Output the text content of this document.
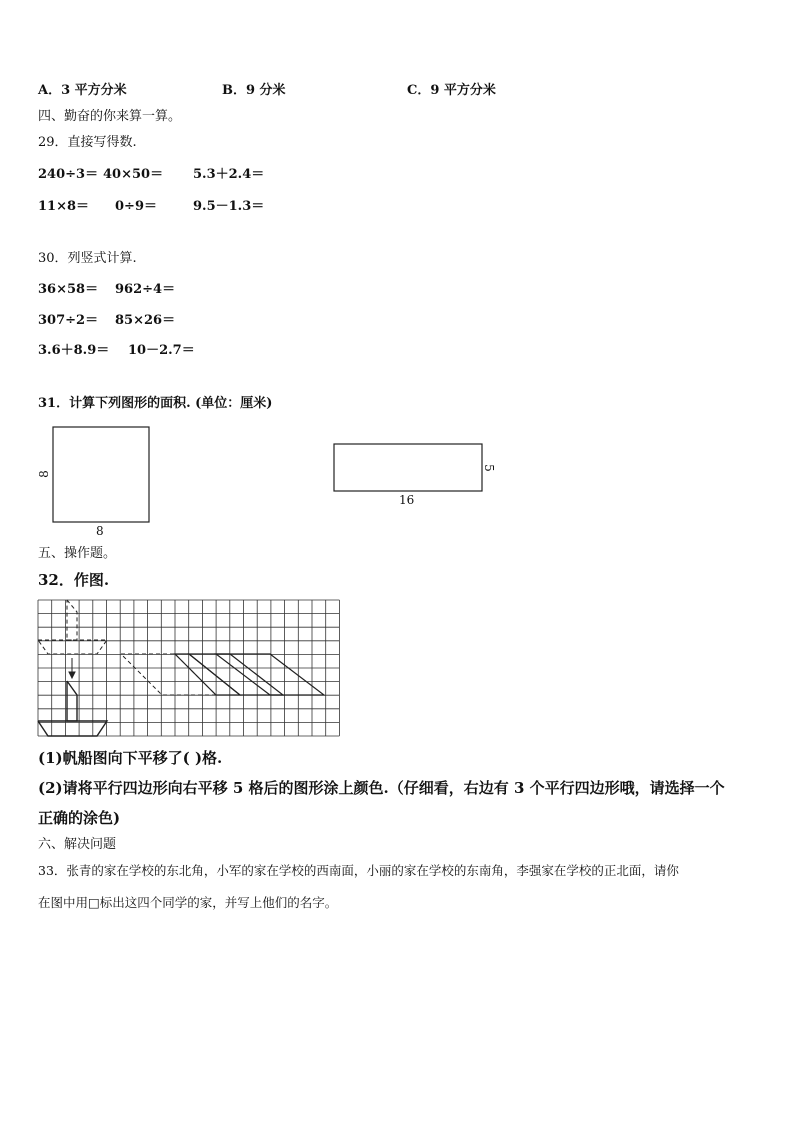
A．3 平方分米	B．9 分米	C．9 平方分米
四、勤奋的你来算一算。
29．直接写得数.
240÷3＝ 40×50＝ 5.3＋2.4＝
11×8＝ 0÷9＝	9.5－1.3＝
30．列竖式计算.
36×58＝ 962÷4＝
307÷2＝ 85×26＝
3.6＋8.9＝ 10－2.7＝
31．计算下列图形的面积. (单位：厘米)
8
8
5
16
五、操作题。
32．作图.
(1)帆船图向下平移了( )格.
(2)请将平行四边形向右平移 5 格后的图形涂上颜色.（仔细看，右边有 3 个平行四边形哦，请选择一个
正确的涂色)
六、解决问题
33．张青的家在学校的东北角，小军的家在学校的西南面，小丽的家在学校的东南角，李强家在学校的正北面，请你
在图中用□标出这四个同学的家，并写上他们的名字。
